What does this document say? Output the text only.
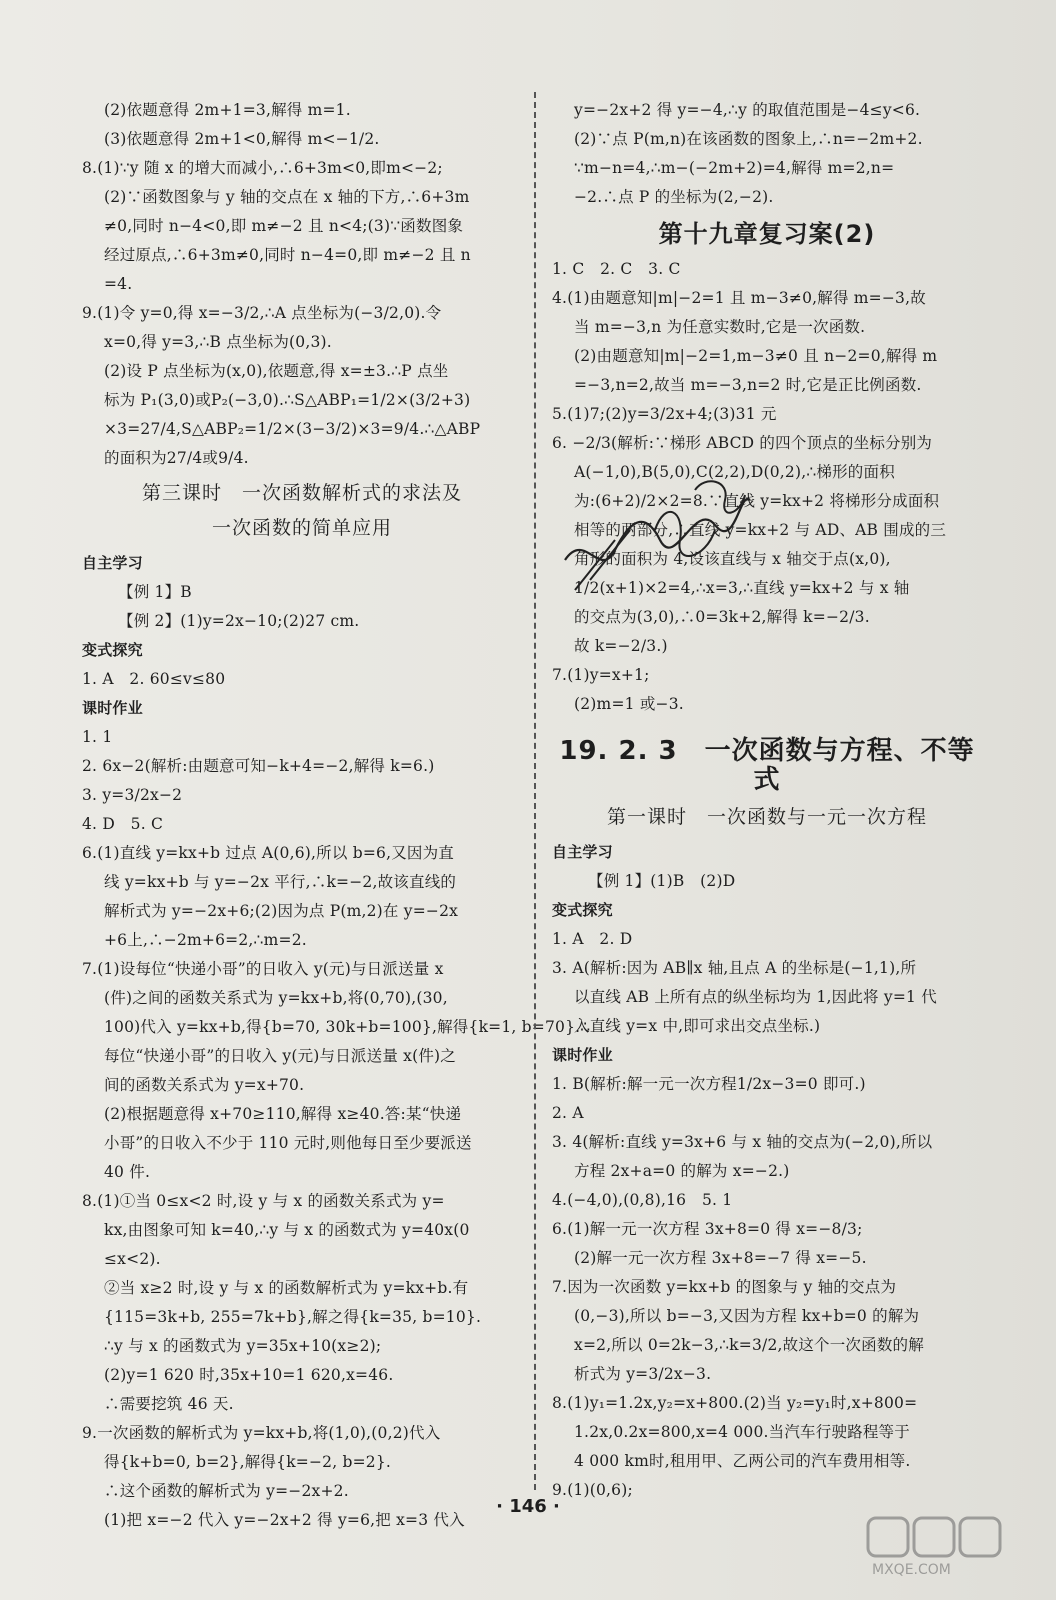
(2)依题意得 2m+1=3,解得 m=1.
(3)依题意得 2m+1<0,解得 m<−1/2.
8.(1)∵y 随 x 的增大而减小,∴6+3m<0,即m<−2;
(2)∵函数图象与 y 轴的交点在 x 轴的下方,∴6+3m
≠0,同时 n−4<0,即 m≠−2 且 n<4;(3)∵函数图象
经过原点,∴6+3m≠0,同时 n−4=0,即 m≠−2 且 n
=4.
9.(1)令 y=0,得 x=−3/2,∴A 点坐标为(−3/2,0).令
x=0,得 y=3,∴B 点坐标为(0,3).
(2)设 P 点坐标为(x,0),依题意,得 x=±3.∴P 点坐
标为 P₁(3,0)或P₂(−3,0).∴S△ABP₁=1/2×(3/2+3)
×3=27/4,S△ABP₂=1/2×(3−3/2)×3=9/4.∴△ABP
的面积为27/4或9/4.
第三课时　一次函数解析式的求法及
一次函数的简单应用
自主学习
【例 1】B
【例 2】(1)y=2x−10;(2)27 cm.
变式探究
1. A　2. 60≤v≤80
课时作业
1. 1
2. 6x−2(解析:由题意可知−k+4=−2,解得 k=6.)
3. y=3/2x−2
4. D　5. C
6.(1)直线 y=kx+b 过点 A(0,6),所以 b=6,又因为直
线 y=kx+b 与 y=−2x 平行,∴k=−2,故该直线的
解析式为 y=−2x+6;(2)因为点 P(m,2)在 y=−2x
+6上,∴−2m+6=2,∴m=2.
7.(1)设每位“快递小哥”的日收入 y(元)与日派送量 x
(件)之间的函数关系式为 y=kx+b,将(0,70),(30,
100)代入 y=kx+b,得{b=70, 30k+b=100},解得{k=1, b=70}.∴
每位“快递小哥”的日收入 y(元)与日派送量 x(件)之
间的函数关系式为 y=x+70.
(2)根据题意得 x+70≥110,解得 x≥40.答:某“快递
小哥”的日收入不少于 110 元时,则他每日至少要派送
40 件.
8.(1)①当 0≤x<2 时,设 y 与 x 的函数关系式为 y=
kx,由图象可知 k=40,∴y 与 x 的函数式为 y=40x(0
≤x<2).
②当 x≥2 时,设 y 与 x 的函数解析式为 y=kx+b.有
{115=3k+b, 255=7k+b},解之得{k=35, b=10}.
∴y 与 x 的函数式为 y=35x+10(x≥2);
(2)y=1 620 时,35x+10=1 620,x=46.
∴需要挖筑 46 天.
9.一次函数的解析式为 y=kx+b,将(1,0),(0,2)代入
得{k+b=0, b=2},解得{k=−2, b=2}.
∴这个函数的解析式为 y=−2x+2.
(1)把 x=−2 代入 y=−2x+2 得 y=6,把 x=3 代入
y=−2x+2 得 y=−4,∴y 的取值范围是−4≤y<6.
(2)∵点 P(m,n)在该函数的图象上,∴n=−2m+2.
∵m−n=4,∴m−(−2m+2)=4,解得 m=2,n=
−2.∴点 P 的坐标为(2,−2).
第十九章复习案(2)
1. C　2. C　3. C
4.(1)由题意知|m|−2=1 且 m−3≠0,解得 m=−3,故
当 m=−3,n 为任意实数时,它是一次函数.
(2)由题意知|m|−2=1,m−3≠0 且 n−2=0,解得 m
=−3,n=2,故当 m=−3,n=2 时,它是正比例函数.
5.(1)7;(2)y=3/2x+4;(3)31 元
6. −2/3(解析:∵梯形 ABCD 的四个顶点的坐标分别为
A(−1,0),B(5,0),C(2,2),D(0,2),∴梯形的面积
为:(6+2)/2×2=8.∵直线 y=kx+2 将梯形分成面积
相等的两部分,∴直线 y=kx+2 与 AD、AB 围成的三
角形的面积为 4,设该直线与 x 轴交于点(x,0),
1/2(x+1)×2=4,∴x=3,∴直线 y=kx+2 与 x 轴
的交点为(3,0),∴0=3k+2,解得 k=−2/3.
故 k=−2/3.)
7.(1)y=x+1;
(2)m=1 或−3.
19. 2. 3　一次函数与方程、不等式
第一课时　一次函数与一元一次方程
自主学习
【例 1】(1)B　(2)D
变式探究
1. A　2. D
3. A(解析:因为 AB∥x 轴,且点 A 的坐标是(−1,1),所
以直线 AB 上所有点的纵坐标均为 1,因此将 y=1 代
入直线 y=x 中,即可求出交点坐标.)
课时作业
1. B(解析:解一元一次方程1/2x−3=0 即可.)
2. A
3. 4(解析:直线 y=3x+6 与 x 轴的交点为(−2,0),所以
方程 2x+a=0 的解为 x=−2.)
4.(−4,0),(0,8),16　5. 1
6.(1)解一元一次方程 3x+8=0 得 x=−8/3;
(2)解一元一次方程 3x+8=−7 得 x=−5.
7.因为一次函数 y=kx+b 的图象与 y 轴的交点为
(0,−3),所以 b=−3,又因为方程 kx+b=0 的解为
x=2,所以 0=2k−3,∴k=3/2,故这个一次函数的解
析式为 y=3/2x−3.
8.(1)y₁=1.2x,y₂=x+800.(2)当 y₂=y₁时,x+800=
1.2x,0.2x=800,x=4 000.当汽车行驶路程等于
4 000 km时,租用甲、乙两公司的汽车费用相等.
9.(1)(0,6);
· 146 ·
MXQE.COM
